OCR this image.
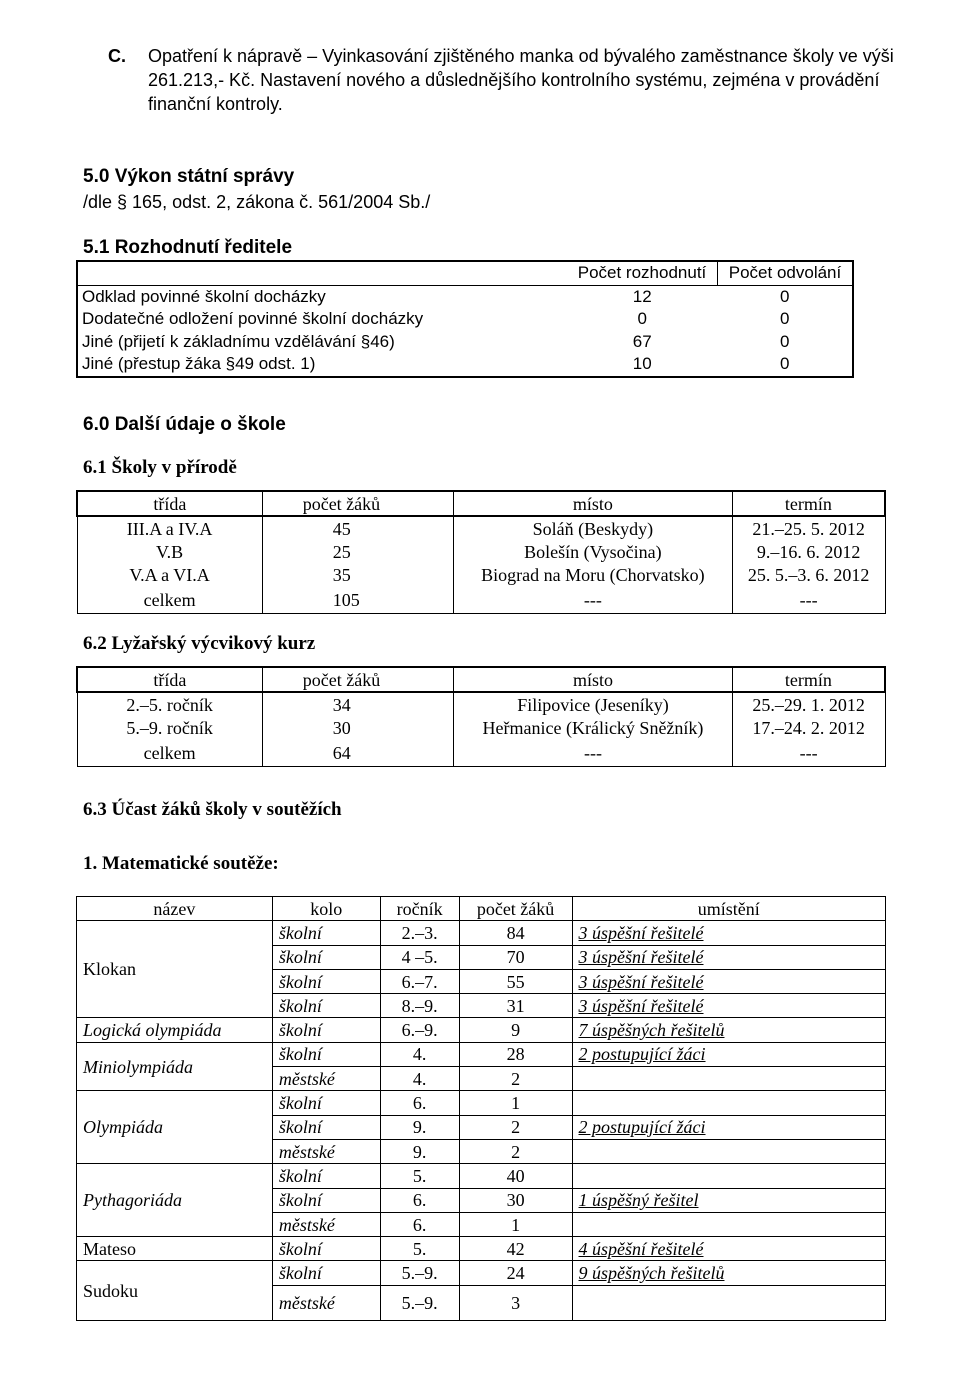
C. Opatření k nápravě – Vyinkasování zjištěného manka od bývalého zaměstnance školy ve výši 261.213,- Kč. Nastavení nového a důslednějšího kontrolního systému, zejména v provádění finanční kontroly.

5.0 Výkon státní správy
/dle § 165, odst. 2, zákona č. 561/2004 Sb./
5.1 Rozhodnutí ředitele
	Počet rozhodnutí	Počet odvolání

Odklad povinné školní docházky	12	0
Dodatečné odložení povinné školní docházky	0	0
Jiné (přijetí k základnímu vzdělávání §46)	67	0
Jiné (přestup žáka §49 odst. 1)	10	0
6.0 Další údaje o škole
6.1 Školy v přírodě
třída	počet žáků	místo	termín
III.A a IV.A	45	Soláň (Beskydy)	21.–25. 5. 2012
V.B	25	Bolešín (Vysočina)	9.–16. 6. 2012
V.A a VI.A	35	Biograd na Moru (Chorvatsko)	25. 5.–3. 6. 2012
celkem	105	---	---
6.2 Lyžařský výcvikový kurz
třída	počet žáků	místo	termín
2.–5. ročník	34	Filipovice (Jeseníky)	25.–29. 1. 2012
5.–9. ročník	30	Heřmanice (Králický Sněžník)	17.–24. 2. 2012
celkem	64	---	---
6.3 Účast žáků školy v soutěžích
1. Matematické soutěže:
název	kolo	ročník	počet žáků	umístění
Klokan	školní	2.–3.	84	3 úspěšní řešitelé
	školní	4 –5.	70	3 úspěšní řešitelé
	školní	6.–7.	55	3 úspěšní řešitelé
	školní	8.–9.	31	3 úspěšní řešitelé
Logická olympiáda	školní	6.–9.	9	7 úspěšných řešitelů
Miniolympiáda	školní	4.	28	2 postupující žáci
	městské	4.	2	
Olympiáda	školní	6.	1	
	školní	9.	2	2 postupující žáci
	městské	9.	2	
Pythagoriáda	školní	5.	40	
	školní	6.	30	1 úspěšný řešitel
	městské	6.	1	
Mateso	školní	5.	42	4 úspěšní řešitelé
Sudoku	školní	5.–9.	24	9 úspěšných řešitelů
	městské	5.–9.	3	
